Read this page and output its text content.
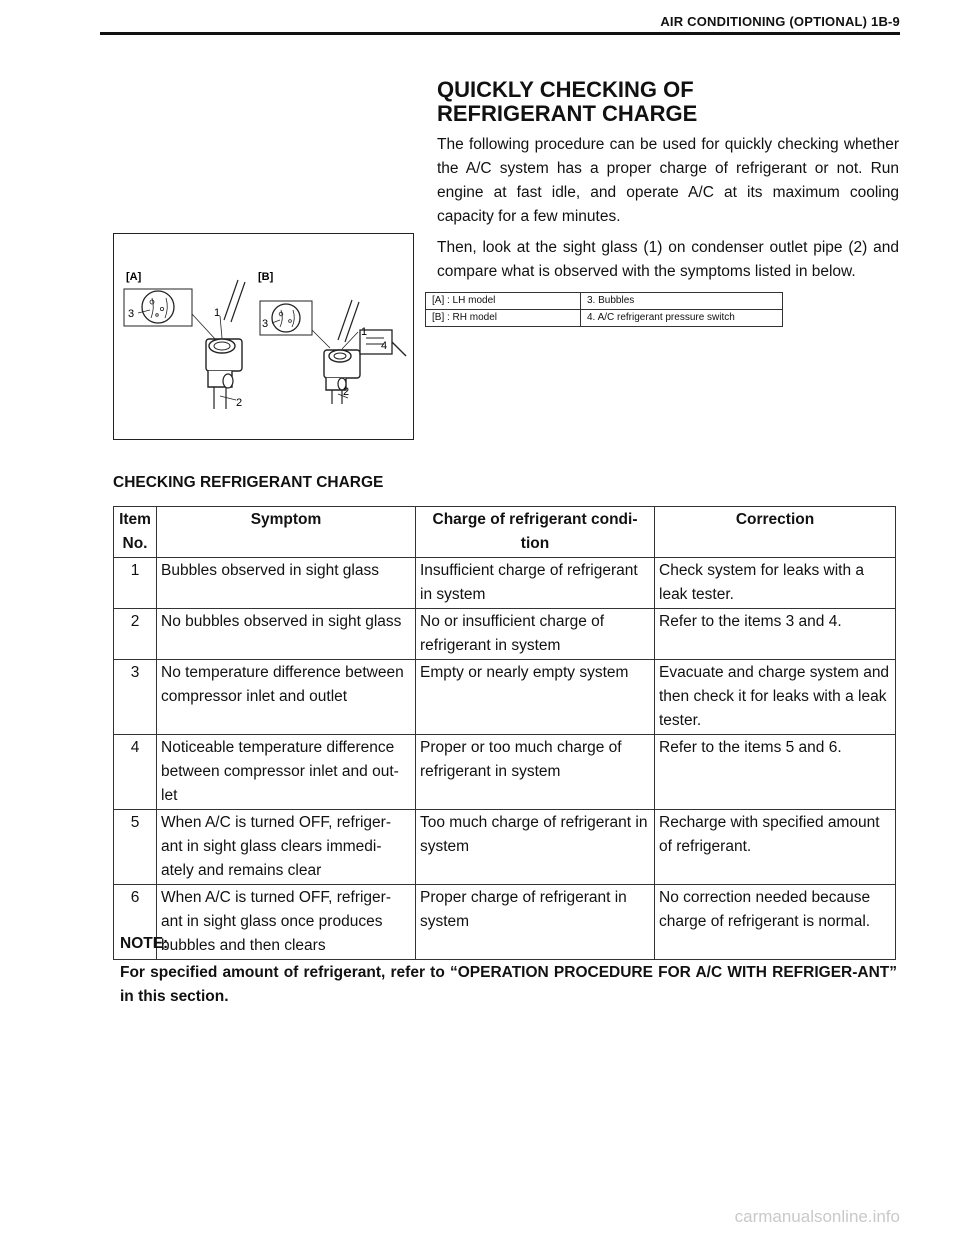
AIR CONDITIONING (OPTIONAL) 1B-9
QUICKLY CHECKING OF REFRIGERANT CHARGE

The following procedure can be used for quickly checking whether the A/C system has a proper charge of refrigerant or not. Run engine at fast idle, and operate A/C at its maximum cooling capacity for a few minutes.

Then, look at the sight glass (1) on condenser outlet pipe (2) and compare what is observed with the symptoms listed in below.

[A]	[B]
3	1
2
3
1
4
2
[A] : LH model	3. Bubbles
[B] : RH model	4. A/C refrigerant pressure switch
CHECKING REFRIGERANT CHARGE
Item No.	Symptom	Charge of refrigerant condi-tion	Correction
1	Bubbles observed in sight glass	Insufficient charge of refrigerant in system	Check system for leaks with a leak tester.
2	No bubbles observed in sight glass	No or insufficient charge of refrigerant in system	Refer to the items 3 and 4.
3	No temperature difference between compressor inlet and outlet	Empty or nearly empty system	Evacuate and charge system and then check it for leaks with a leak tester.
4	Noticeable temperature difference between compressor inlet and out-let	Proper or too much charge of refrigerant in system	Refer to the items 5 and 6.
5	When A/C is turned OFF, refriger-ant in sight glass clears immedi-ately and remains clear	Too much charge of refrigerant in system	Recharge with specified amount of refrigerant.
6	When A/C is turned OFF, refriger-ant in sight glass once produces bubbles and then clears	Proper charge of refrigerant in system	No correction needed because charge of refrigerant is normal.
NOTE:

For specified amount of refrigerant, refer to “OPERATION PROCEDURE FOR A/C WITH REFRIGER-ANT” in this section.

carmanualsonline.info
